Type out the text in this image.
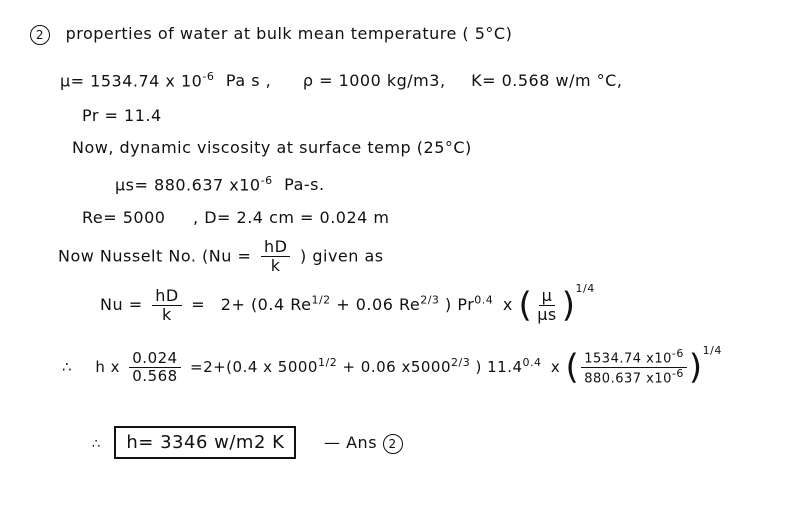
2 properties of water at bulk mean temperature ( 5°C)
μ= 1534.74 x $10^{-6}$ Pa s , ρ = 1000 kg/m3, K= 0.568 w/m °C,
Pr = 11.4
Now, dynamic viscosity at surface temp (25°C)
μs= 880.637 $x10^{-6}$ Pa-s.
Re= 5000 , D= 2.4 cm = 0.024 m
Now Nusselt No. ($Nu = \frac{hD}{k}$ ) given as
$Nu = \frac{hD}{k} = 2+ (0.4$ $Re^{1/2} + 0.06$ $Re^{2/3}$ ) $Pr^{0.4}$ x ( $\frac{\mu}{\mu s} )^{1/4}$
∴ h x $\frac{0.024}{0.568} =2+(0.4$ x $5000^{1/2} + 0.06$ $x5000^{2/3}$ ) $11.4^{0.4}$ x ( $\frac{1534.74 x10^{-6}}{880.637 x10^{-6}} )^{1/4}$
∴ h= 3346 w/m2 K — Ans 2
